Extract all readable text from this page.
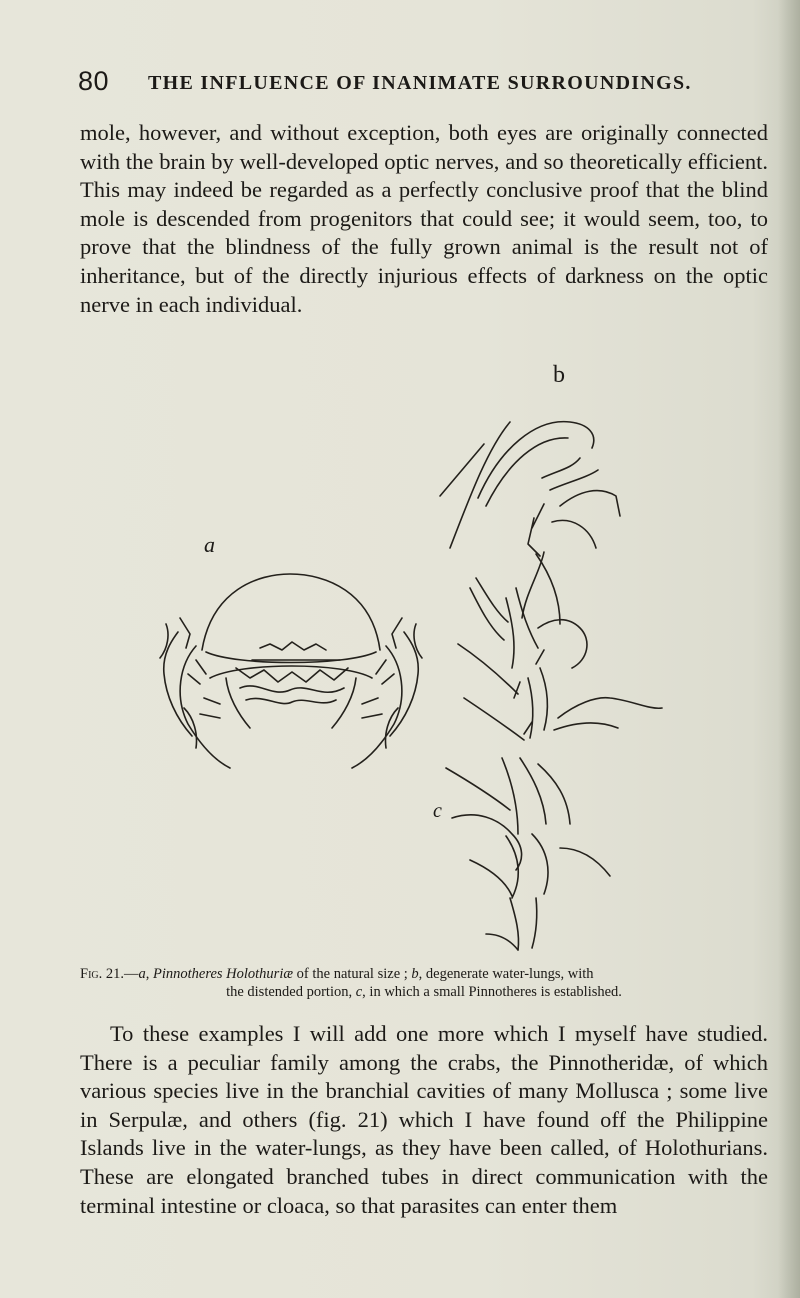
80 THE INFLUENCE OF INANIMATE SURROUNDINGS.

mole, however, and without exception, both eyes are originally connected with the brain by well-developed optic nerves, and so theoretically efficient. This may indeed be regarded as a perfectly conclusive proof that the blind mole is descended from progenitors that could see; it would seem, too, to prove that the blindness of the fully grown animal is the result not of inheritance, but of the directly injurious effects of darkness on the optic nerve in each individual.

a
b
c

Fig. 21.—a, Pinnotheres Holothuriæ of the natural size ; b, degenerate water-lungs, with
the distended portion, c, in which a small Pinnotheres is established.

To these examples I will add one more which I myself have studied. There is a peculiar family among the crabs, the Pinnotheridæ, of which various species live in the branchial cavities of many Mollusca ; some live in Serpulæ, and others (fig. 21) which I have found off the Philippine Islands live in the water-lungs, as they have been called, of Holothurians. These are elongated branched tubes in direct communication with the terminal intestine or cloaca, so that parasites can enter them
